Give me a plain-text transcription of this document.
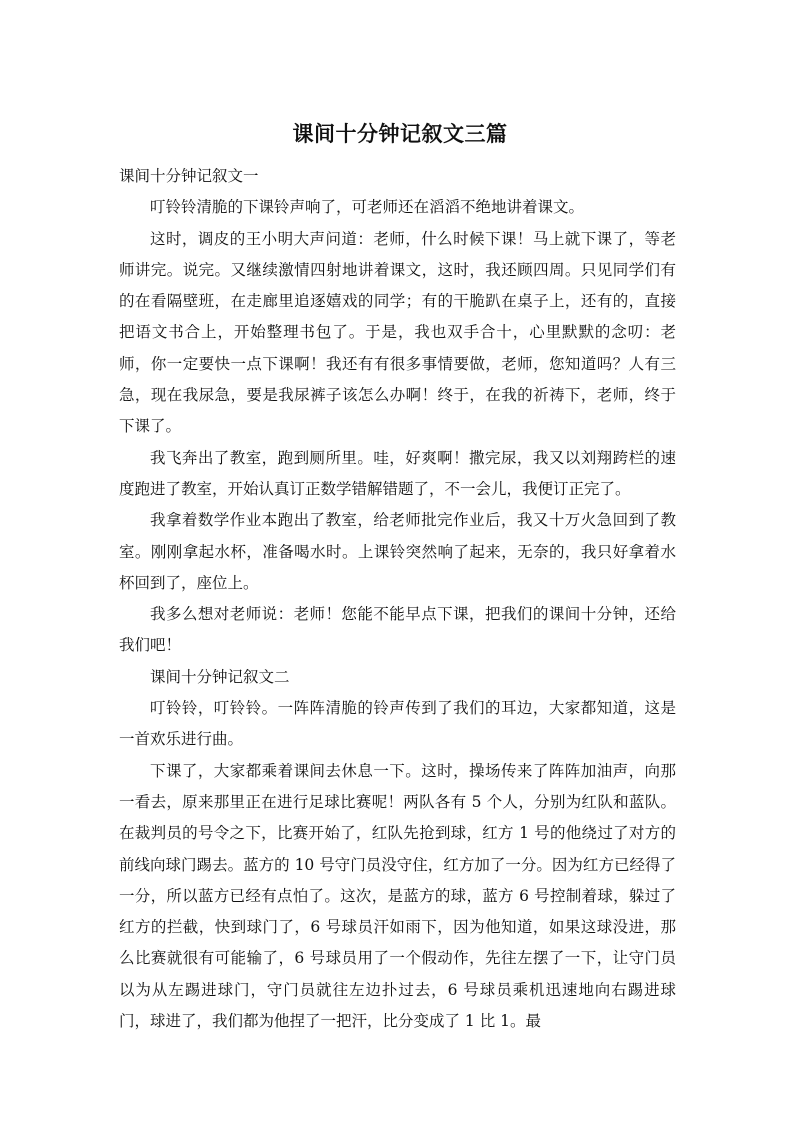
课间十分钟记叙文三篇

课间十分钟记叙文一

叮铃铃清脆的下课铃声响了，可老师还在滔滔不绝地讲着课文。

这时，调皮的王小明大声问道：老师，什么时候下课！马上就下课了，等老师讲完。说完。又继续激情四射地讲着课文，这时，我还顾四周。只见同学们有的在看隔壁班，在走廊里追逐嬉戏的同学；有的干脆趴在桌子上，还有的，直接把语文书合上，开始整理书包了。于是，我也双手合十，心里默默的念叨：老师，你一定要快一点下课啊！我还有有很多事情要做，老师，您知道吗？人有三急，现在我尿急，要是我尿裤子该怎么办啊！终于，在我的祈祷下，老师，终于下课了。

我飞奔出了教室，跑到厕所里。哇，好爽啊！撒完尿，我又以刘翔跨栏的速度跑进了教室，开始认真订正数学错解错题了，不一会儿，我便订正完了。

我拿着数学作业本跑出了教室，给老师批完作业后，我又十万火急回到了教室。刚刚拿起水杯，准备喝水时。上课铃突然响了起来，无奈的，我只好拿着水杯回到了，座位上。

我多么想对老师说：老师！您能不能早点下课，把我们的课间十分钟，还给我们吧！

课间十分钟记叙文二

叮铃铃，叮铃铃。一阵阵清脆的铃声传到了我们的耳边，大家都知道，这是一首欢乐进行曲。

下课了，大家都乘着课间去休息一下。这时，操场传来了阵阵加油声，向那一看去，原来那里正在进行足球比赛呢！两队各有 5 个人，分别为红队和蓝队。在裁判员的号令之下，比赛开始了，红队先抢到球，红方 1 号的他绕过了对方的前线向球门踢去。蓝方的 10 号守门员没守住，红方加了一分。因为红方已经得了一分，所以蓝方已经有点怕了。这次，是蓝方的球，蓝方 6 号控制着球，躲过了红方的拦截，快到球门了，6 号球员汗如雨下，因为他知道，如果这球没进，那么比赛就很有可能输了，6 号球员用了一个假动作，先往左摆了一下，让守门员以为从左踢进球门，守门员就往左边扑过去，6 号球员乘机迅速地向右踢进球门，球进了，我们都为他捏了一把汗，比分变成了 1 比 1。最
